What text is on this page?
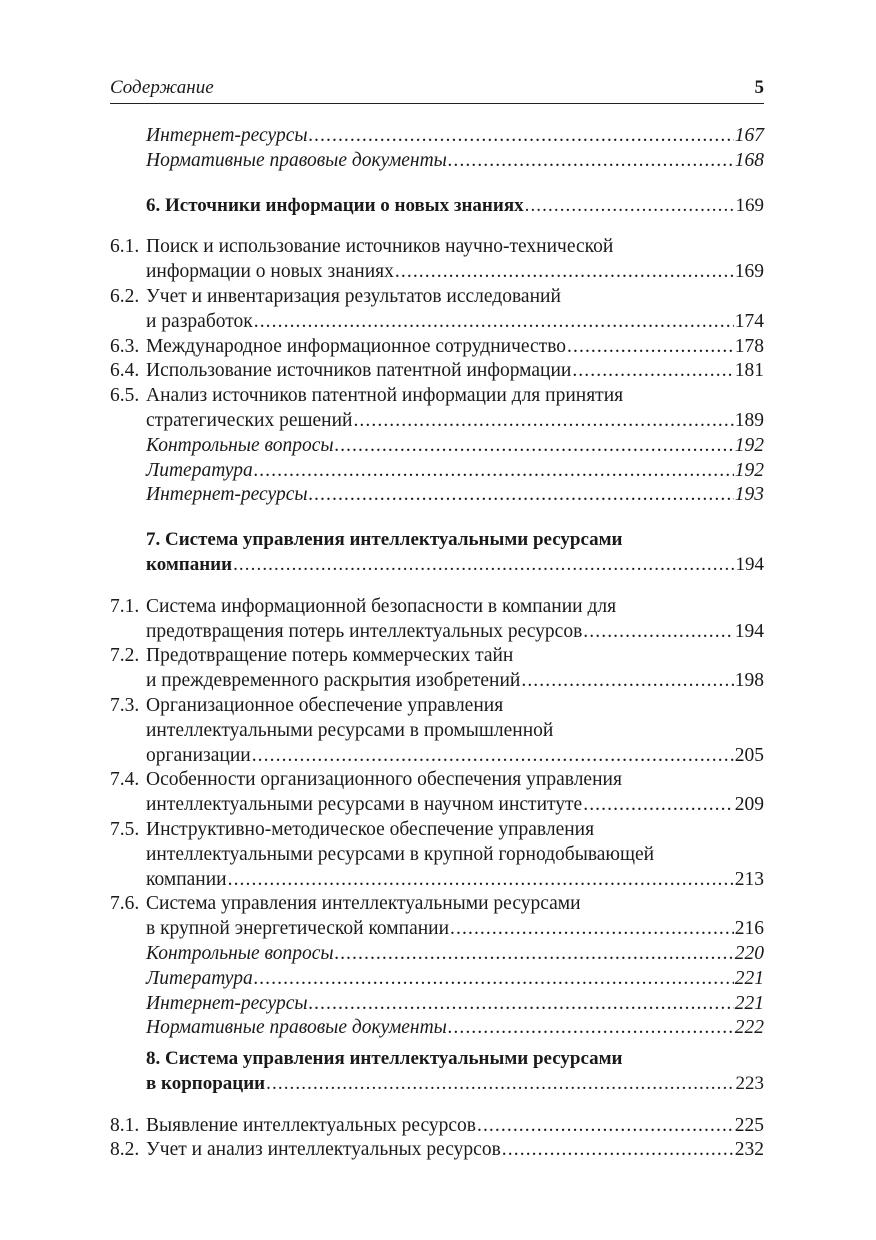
Содержание	5
Интернет-ресурсы .....	167
Нормативные правовые документы .....	168
6. Источники информации о новых знаниях .....	169
6.1. Поиск и использование источников научно-технической
информации о новых знаниях .....	169
6.2. Учет и инвентаризация результатов исследований
и разработок .....	174
6.3. Международное информационное сотрудничество .....	178
6.4. Использование источников патентной информации .....	181
6.5. Анализ источников патентной информации для принятия
стратегических решений .....	189
Контрольные вопросы .....	192
Литература .....	192
Интернет-ресурсы .....	193
7. Система управления интеллектуальными ресурсами
компании .....	194
7.1. Система информационной безопасности в компании для
предотвращения потерь интеллектуальных ресурсов .....	194
7.2. Предотвращение потерь коммерческих тайн
и преждевременного раскрытия изобретений .....	198
7.3. Организационное обеспечение управления
интеллектуальными ресурсами в промышленной
организации .....	205
7.4. Особенности организационного обеспечения управления
интеллектуальными ресурсами в научном институте .....	209
7.5. Инструктивно-методическое обеспечение управления
интеллектуальными ресурсами в крупной горнодобывающей
компании .....	213
7.6. Система управления интеллектуальными ресурсами
в крупной энергетической компании .....	216
Контрольные вопросы .....	220
Литература .....	221
Интернет-ресурсы .....	221
Нормативные правовые документы .....	222
8. Система управления интеллектуальными ресурсами
в корпорации .....	223
8.1. Выявление интеллектуальных ресурсов .....	225
8.2. Учет и анализ интеллектуальных ресурсов .....	232
